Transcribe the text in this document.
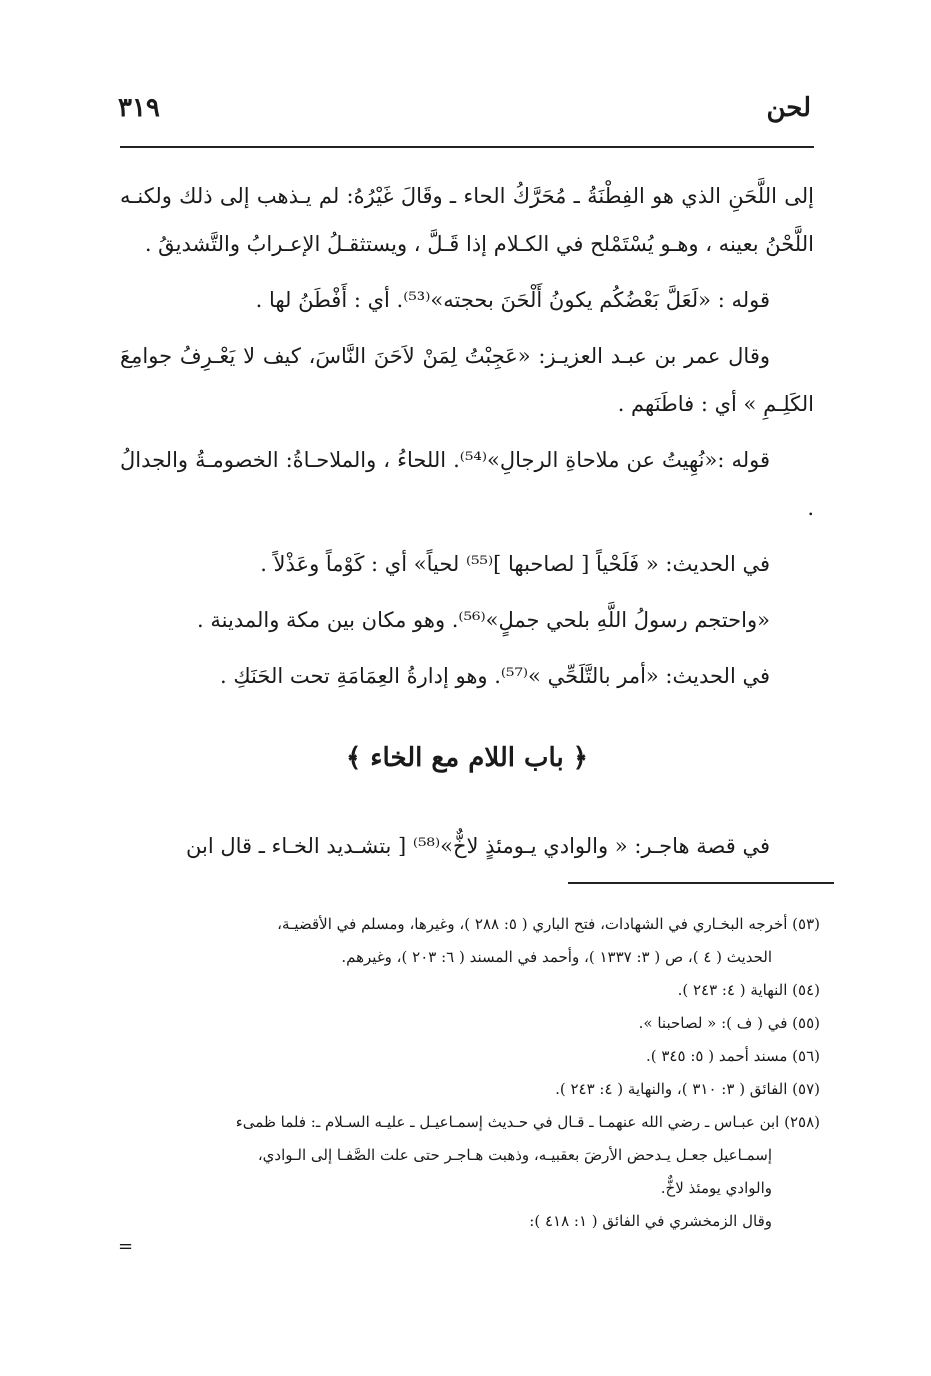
٣١٩	لحن

إلى اللَّحَنِ الذي هو الفِطْنَةُ ـ مُحَرَّكُ الحاء ـ وقَالَ غَيْرُهُ: لم يـذهب إلى ذلك ولكنـه اللَّحْنُ بعينه ، وهـو يُسْتَمْلح في الكـلام إذا قَـلَّ ، ويستثقـلُ الإعـرابُ والتَّشديقُ .

قوله : «لَعَلَّ بَعْضُكُم يكونُ أَلْحَنَ بحجته»⁽⁵³⁾. أي : أَفْطَنُ لها .

وقال عمر بن عبـد العزيـز: «عَجِبْتُ لِمَنْ لاَحَنَ النَّاسَ، كيف لا يَعْـرِفُ جوامِعَ الكَلِـمِ » أي : فاطَنَهم .

قوله :«نُهِيتُ عن ملاحاةِ الرجالِ»⁽⁵⁴⁾. اللحاءُ ، والملاحـاةُ: الخصومـةُ والجدالُ .

في الحديث: « فَلَحْياً [ لصاحبها ]⁽⁵⁵⁾ لحياً» أي : كَوْماً وعَذْلاً .

«واحتجم رسولُ اللَّهِ بلحي جملٍ»⁽⁵⁶⁾. وهو مكان بين مكة والمدينة .

في الحديث: «أمر بالتَّلَحِّي »⁽⁵⁷⁾. وهو إدارةُ العِمَامَةِ تحت الحَنَكِ .

﴿ باب اللام مع الخاء ﴾
في قصة هاجـر: « والوادي يـومئذٍ لاخٌّ»⁽⁵⁸⁾ [ بتشـديد الخـاء ـ قال ابن

(٥٣) أخرجه البخـاري في الشهادات، فتح الباري ( ٥: ٢٨٨ )، وغيرها، ومسلم في الأقضيـة،

الحديث ( ٤ )، ص ( ٣: ١٣٣٧ )، وأحمد في المسند ( ٦: ٢٠٣ )، وغيرهم.

(٥٤) النهاية ( ٤: ٢٤٣ ).

(٥٥) في ( ف ): « لصاحبنا ».

(٥٦) مسند أحمد ( ٥: ٣٤٥ ).

(٥٧) الفائق ( ٣: ٣١٠ )، والنهاية ( ٤: ٢٤٣ ).

(٢٥٨) ابن عبـاس ـ رضي الله عنهمـا ـ قـال في حـديث إسمـاعيـل ـ عليـه السـلام ـ: فلما ظمىء

إسمـاعيل جعـل يـدحض الأرضَ بعقبيـه، وذهبت هـاجـر حتى علت الصَّفـا إلى الـوادي،

والوادي يومئذ لاخٌّ.

وقال الزمخشري في الفائق ( ١: ٤١٨ ):

=
